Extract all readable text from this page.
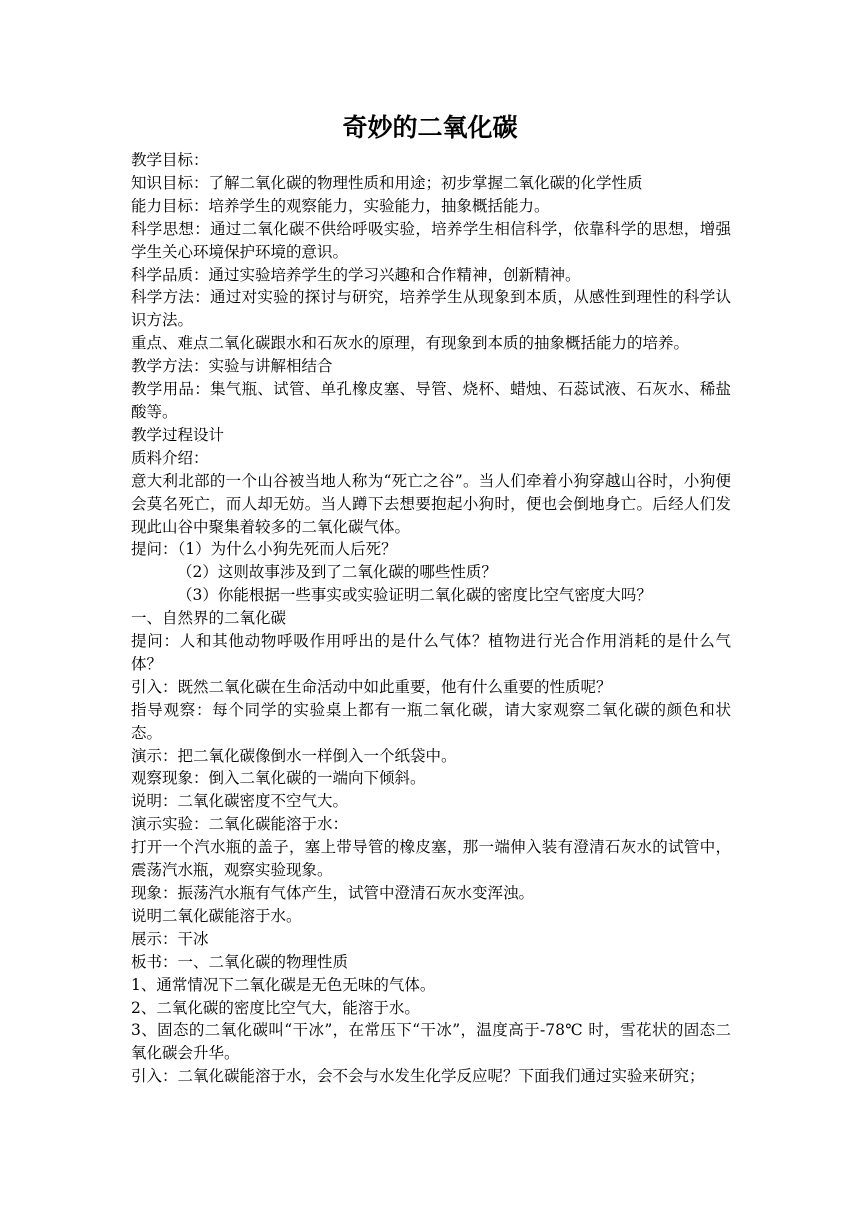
奇妙的二氧化碳

教学目标：

知识目标：了解二氧化碳的物理性质和用途；初步掌握二氧化碳的化学性质

能力目标：培养学生的观察能力，实验能力，抽象概括能力。

科学思想：通过二氧化碳不供给呼吸实验，培养学生相信科学，依靠科学的思想，增强学生关心环境保护环境的意识。

科学品质：通过实验培养学生的学习兴趣和合作精神，创新精神。

科学方法：通过对实验的探讨与研究，培养学生从现象到本质，从感性到理性的科学认识方法。

重点、难点二氧化碳跟水和石灰水的原理，有现象到本质的抽象概括能力的培养。

教学方法：实验与讲解相结合

教学用品：集气瓶、试管、单孔橡皮塞、导管、烧杯、蜡烛、石蕊试液、石灰水、稀盐酸等。

教学过程设计

质料介绍：

意大利北部的一个山谷被当地人称为“死亡之谷”。当人们牵着小狗穿越山谷时，小狗便会莫名死亡，而人却无妨。当人蹲下去想要抱起小狗时，便也会倒地身亡。后经人们发现此山谷中聚集着较多的二氧化碳气体。

提问：（1）为什么小狗先死而人后死？

（2）这则故事涉及到了二氧化碳的哪些性质？

（3）你能根据一些事实或实验证明二氧化碳的密度比空气密度大吗？

一、自然界的二氧化碳

提问：人和其他动物呼吸作用呼出的是什么气体？植物进行光合作用消耗的是什么气体？

引入：既然二氧化碳在生命活动中如此重要，他有什么重要的性质呢？

指导观察：每个同学的实验桌上都有一瓶二氧化碳，请大家观察二氧化碳的颜色和状态。

演示：把二氧化碳像倒水一样倒入一个纸袋中。

观察现象：倒入二氧化碳的一端向下倾斜。

说明：二氧化碳密度不空气大。

演示实验：二氧化碳能溶于水：

打开一个汽水瓶的盖子，塞上带导管的橡皮塞，那一端伸入装有澄清石灰水的试管中，震荡汽水瓶，观察实验现象。

现象：振荡汽水瓶有气体产生，试管中澄清石灰水变浑浊。

说明二氧化碳能溶于水。

展示：干冰

板书：一、二氧化碳的物理性质

1、通常情况下二氧化碳是无色无味的气体。

2、二氧化碳的密度比空气大，能溶于水。

3、固态的二氧化碳叫“干冰”，在常压下“干冰”，温度高于-78℃ 时，雪花状的固态二氧化碳会升华。

引入：二氧化碳能溶于水，会不会与水发生化学反应呢？下面我们通过实验来研究；
